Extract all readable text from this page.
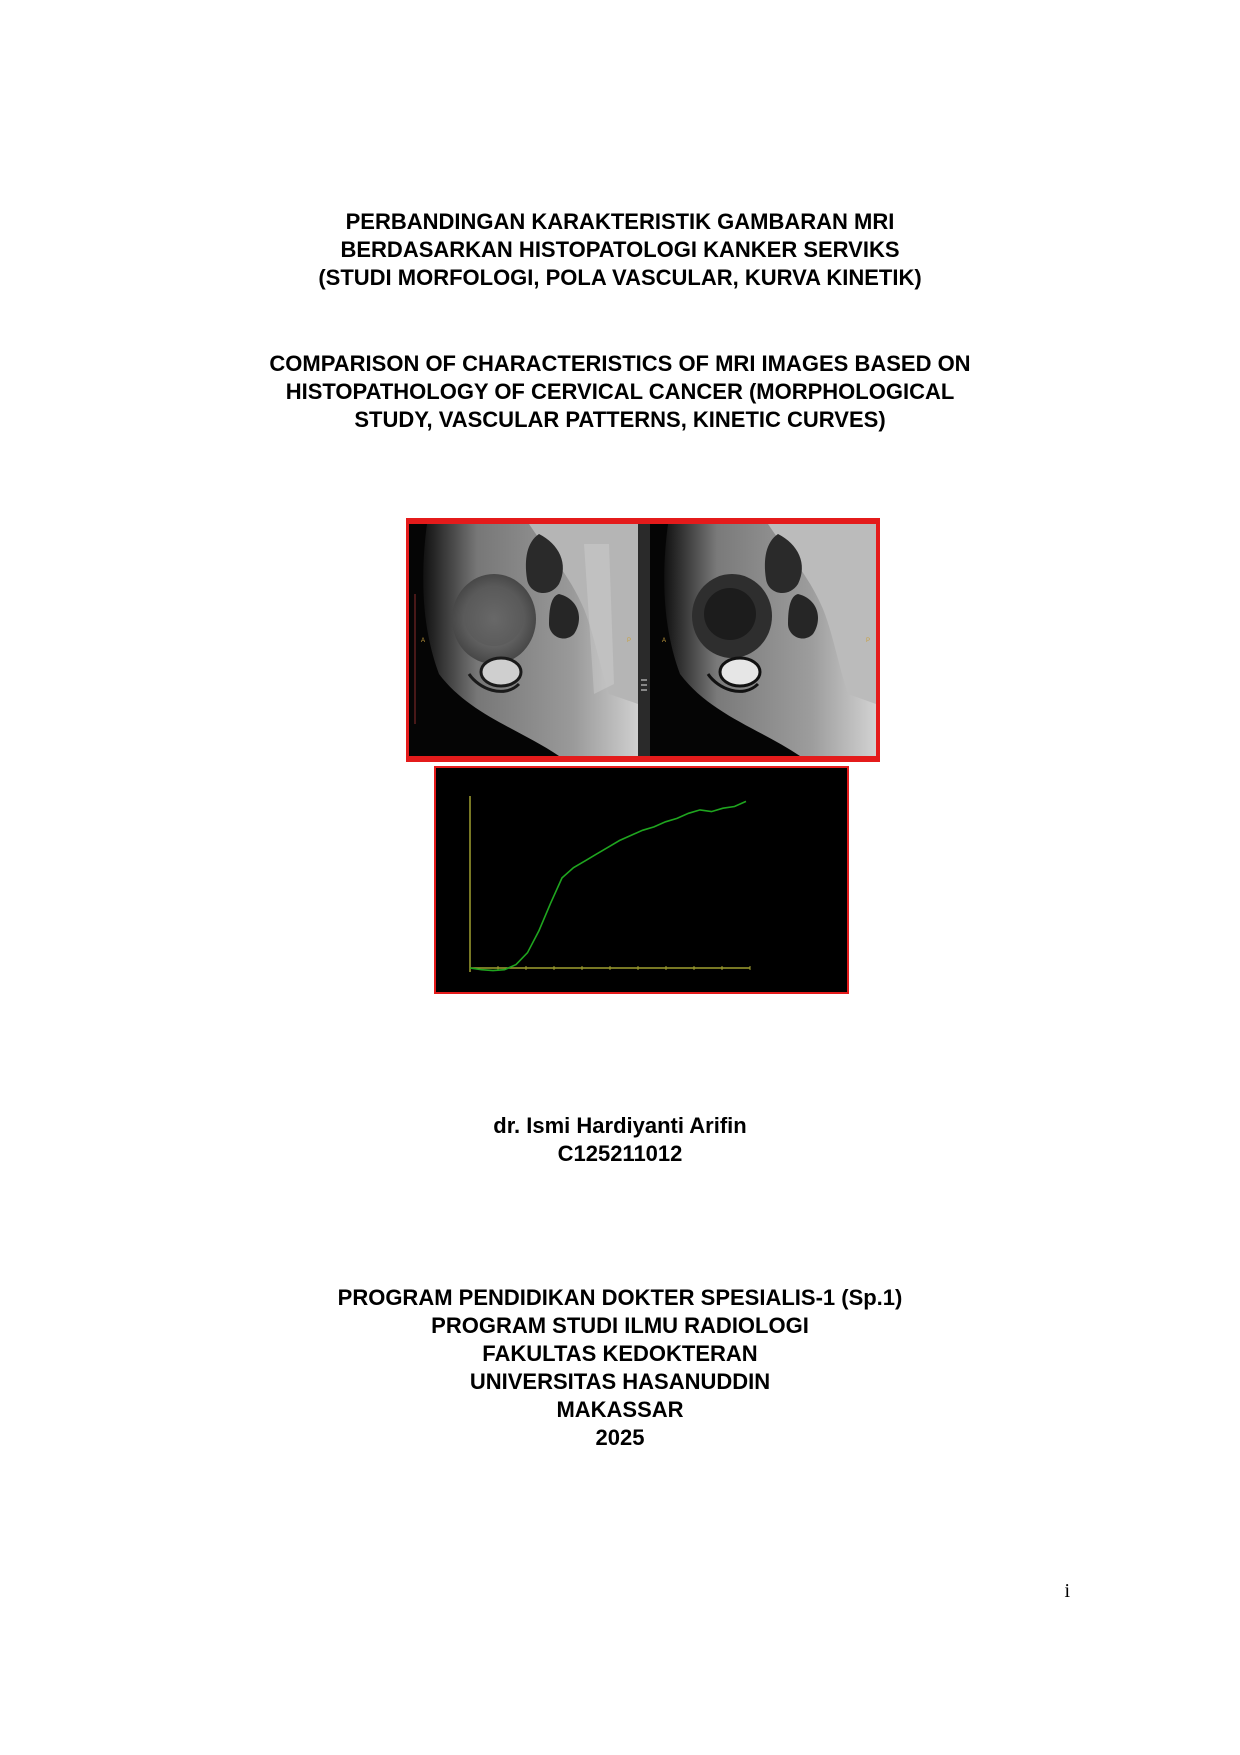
PERBANDINGAN KARAKTERISTIK GAMBARAN MRI
BERDASARKAN HISTOPATOLOGI KANKER SERVIKS
(STUDI MORFOLOGI, POLA VASCULAR, KURVA KINETIK)
COMPARISON OF CHARACTERISTICS OF MRI IMAGES BASED ON
HISTOPATHOLOGY OF CERVICAL CANCER (MORPHOLOGICAL
STUDY, VASCULAR PATTERNS, KINETIC CURVES)
A	P	A	P
dr. Ismi Hardiyanti Arifin
C125211012
PROGRAM PENDIDIKAN DOKTER SPESIALIS-1 (Sp.1)
PROGRAM STUDI ILMU RADIOLOGI
FAKULTAS KEDOKTERAN
UNIVERSITAS HASANUDDIN
MAKASSAR
2025
i
